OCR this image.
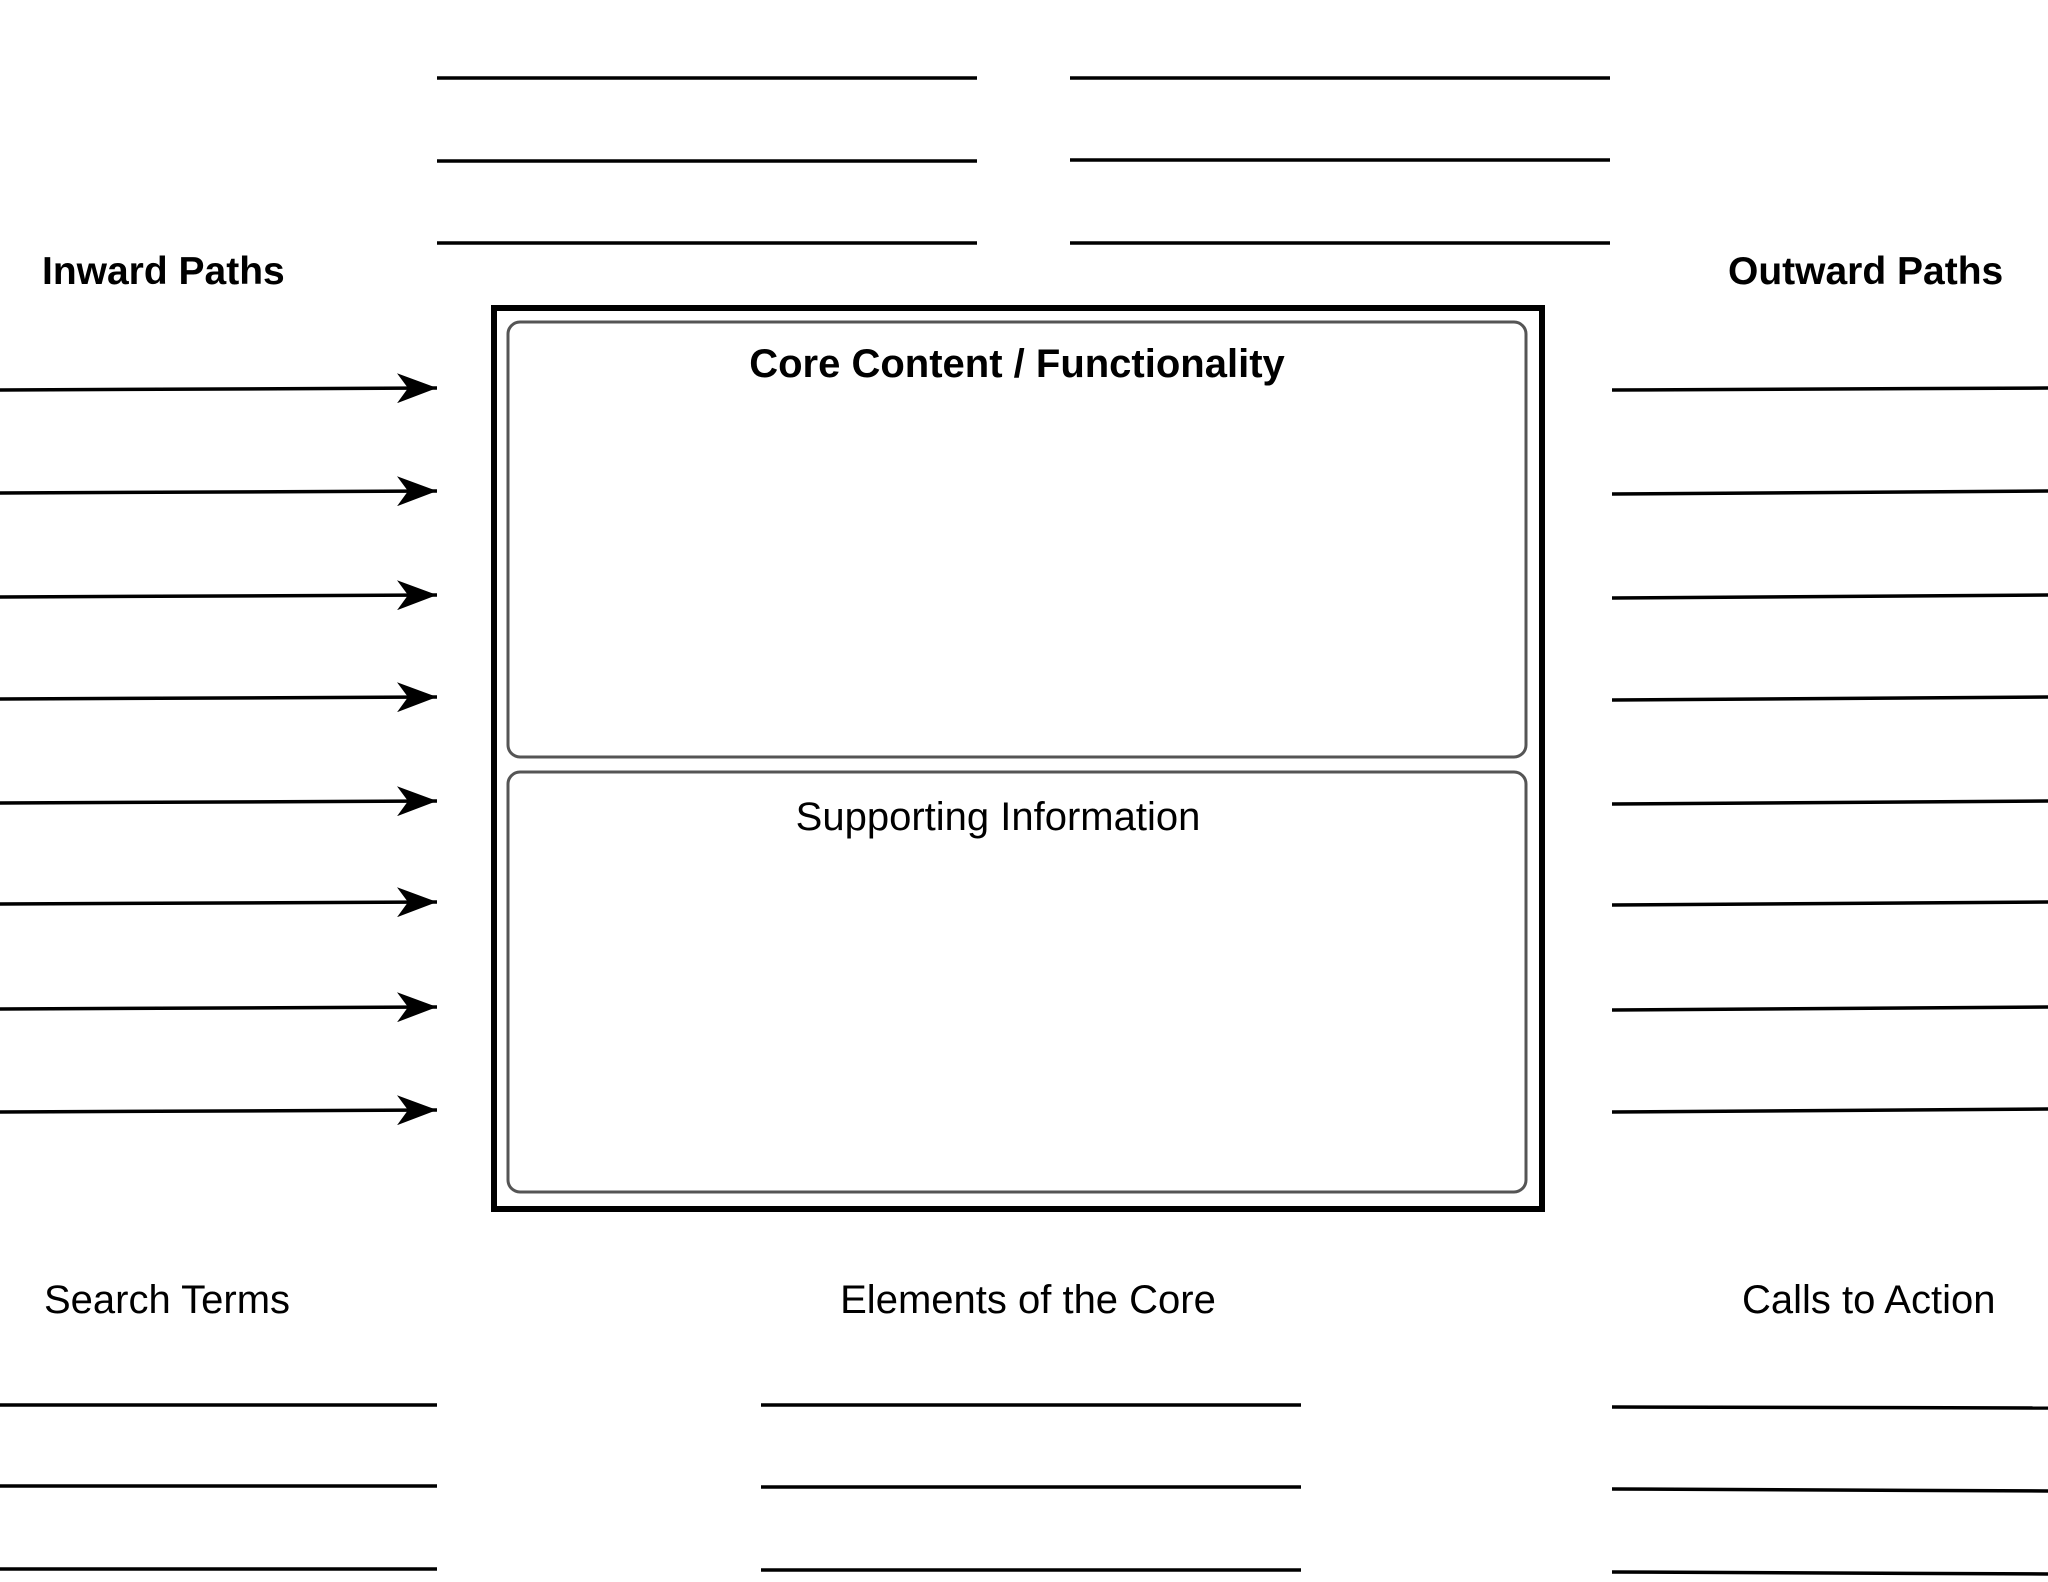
Inward Paths	Outward Paths
Core Content / Functionality
Supporting Information
Search Terms	Elements of the Core	Calls to Action
